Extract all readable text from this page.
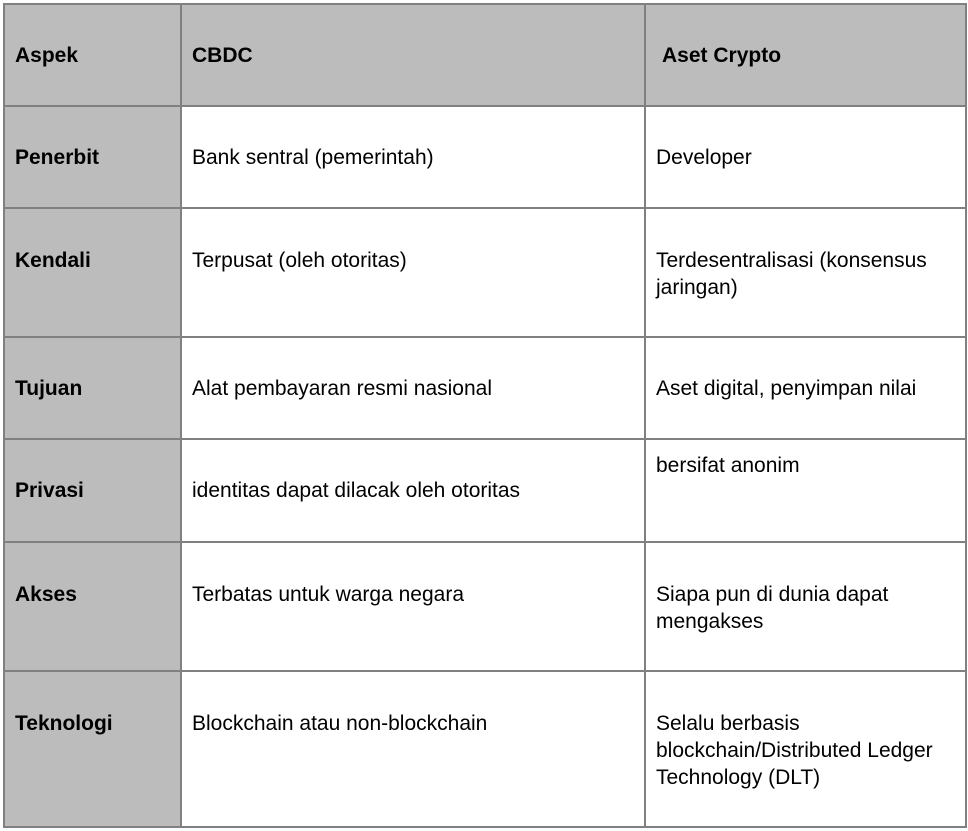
Aspek	CBDC	Aset Crypto
Penerbit	Bank sentral (pemerintah)	Developer
Kendali	Terpusat (oleh otoritas)	Terdesentralisasi (konsensus jaringan)
Tujuan	Alat pembayaran resmi nasional	Aset digital, penyimpan nilai
Privasi	identitas dapat dilacak oleh otoritas	bersifat anonim
Akses	Terbatas untuk warga negara	Siapa pun di dunia dapat mengakses
Teknologi	Blockchain atau non-blockchain	Selalu berbasis blockchain/Distributed Ledger Technology (DLT)
